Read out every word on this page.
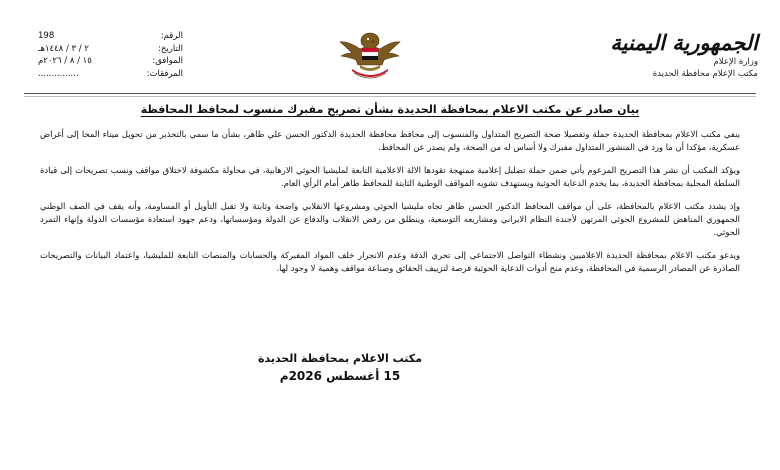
الجمهورية اليمنية
وزارة الإعلام
مكتب الإعلام محافظة الحديدة

الرقم:
198
التاريخ:
٢ / ٣ / ١٤٤٨هـ
الموافق:
١٥ / ٨ / ٢٠٢٦م
المرفقات:
...............
بيان صادر عن مكتب الاعلام بمحافظة الحديدة بشأن تصريح مفبرك منسوب لمحافظ المحافظة

ينفي مكتب الاعلام بمحافظة الحديدة جملة وتفصيلا صحة التصريح المتداول والمنسوب إلى محافظ محافظة الحديدة الدكتور الحسن علي طاهر، بشأن ما سمي بالتحذير من تحويل ميناء المخا إلى أغراض عسكرية، مؤكدا أن ما ورد في المنشور المتداول مفبرك ولا أساس له من الصحة، ولم يصدر عن المحافظ.

ويؤكد المكتب أن نشر هذا التصريح المزعوم يأتي ضمن حملة تضليل إعلامية ممنهجة تقودها الالة الاعلامية التابعة لمليشيا الحوثي الارهابية، في محاولة مكشوفة لاختلاق مواقف ونسب تصريحات إلى قيادة السلطة المحلية بمحافظة الحديدة، بما يخدم الدعاية الحوثية ويستهدف تشويه المواقف الوطنية الثابتة للمحافظ طاهر أمام الرأي العام.

وإذ يشدد مكتب الاعلام بالمحافظة، على أن مواقف المحافظ الدكتور الحسن طاهر تجاه مليشيا الحوثي ومشروعها الانقلابي واضحة وثابتة ولا تقبل التأويل أو المساومة، وأنه يقف في الصف الوطني الجمهوري المناهض للمشروع الحوثي المرتهن لأجندة النظام الايراني ومشاريعه التوسعية، وينطلق من رفض الانقلاب والدفاع عن الدولة ومؤسساتها، ودعم جهود استعادة مؤسسات الدولة وإنهاء التمرد الحوثي.

ويدعو مكتب الاعلام بمحافظة الحديدة الاعلاميين ونشطاء التواصل الاجتماعي إلى تحري الدقة وعدم الانجرار خلف المواد المفبركة والحسابات والمنصات التابعة للمليشيا، واعتماد البيانات والتصريحات الصادرة عن المصادر الرسمية في المحافظة، وعدم منح أدوات الدعاية الحوثية فرصة لتزييف الحقائق وصناعة مواقف وهمية لا وجود لها.

مكتب الاعلام بمحافظة الحديدة
15 أغسطس 2026م
